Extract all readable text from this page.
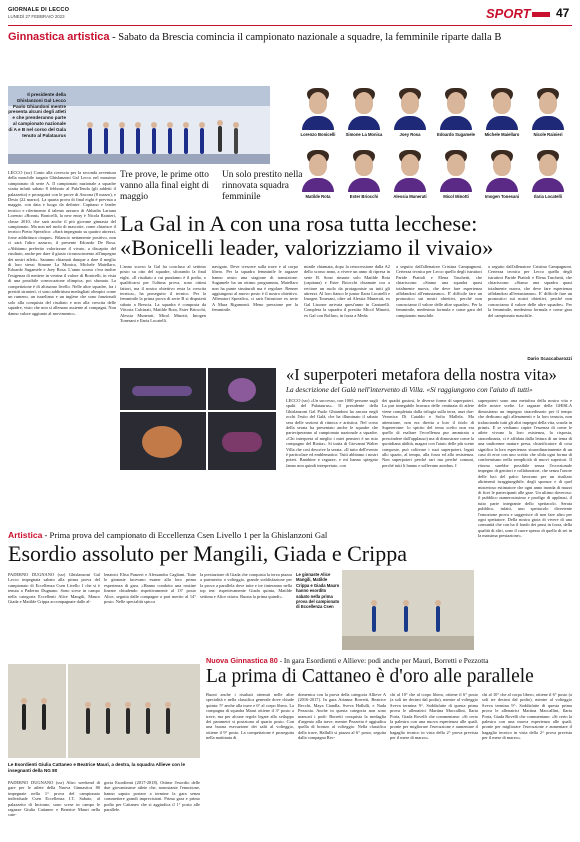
GIORNALE DI LECCO
LUNEDÌ 27 FEBBRAIO 2023	SPORT 47
Ginnastica artistica - Sabato da Brescia comincia il campionato nazionale a squadre, la femminile riparte dalla B
Il presidente della Ghislanzoni Gal Lecco Paolo Ghiandoni mentre presenta alcuni degli atleti e che prenderanno parte al campionato nazionale di A e B nel corso del Gala tenuto al Palataurus	Lorenzo Bonicelli	Simone La Monica	Joey Rosa	Edoardo Sugamele	Michele Maiellaro	Nicole Rainieri
Matilde Rota	Ester Briocchi	Alessia Munerati	Micol Minotti	Imogen Tonesani	Ilaria Locatelli
LECCO (ssr) Conto alla rovescia per la seconda avventura della maschile targata Ghislanzoni Gal Lecco nel massimo campionato di serie A. Il campionato nazionale a squadre scatta infatti sabato 8 febbraio al PalaTenda (gli addetti il palazzetto) e proseguirà con le prove di Ancona (8 marzo), e Desio (22 marzo). La quarta prova di final eight è prevista a maggio, con data e luogo da definire. Capitano e leader tecnico e riferimento il talento azzurro di Abbadia Lariana Lorenzo «Bonni» Bonicelli, la new entry è Nicola Rainieri, classe 2010, che sarà anche il più giovane ginnasta del campionato. Ma non nel ruolo di mascotte, come chiarisce il tecnico Pietro Spreafico: «Sarà impegnato su quattro attrezzi, forse addirittura cinque». Bilancio nettamente positivo, non ci sarà l'altro azzurro, il presente Edoardo De Rosa. «Abbiamo preferito valorizzare il vivaio, a discapito del risultato, anche per dare il giusto riconoscimento all'impegno dei nostri atleti». Saranno chiamati dunque a dare il meglio di loro stessi Simone La Monica, Michele Maiellaro, Edoardo Sugamele e Joey Rosa. L'anno scorso c'era inoltre l'esigenza di mettere in vetrina il valore di Bonicelli, in vista di una possibile convocazione olimpica, poi sfumata. La competizione è di altissimo livello. Nelle altre squadre, fra i prestiti stranieri, ci sono addirittura medagliati olimpici come un rumeno, un israeliano e un inglese che sono funzionali solo alla conquista del risultato e non alla crescita delle squadre, visto che non si allenano assieme al compagni. Non danno valore aggiunto al movimento».
Tre prove, le prime otto vanno alla final eight di maggio
Un solo prestito nella rinnovata squadra femminile
La Gal in A con una rosa tutta lecchese:
«Bonicelli leader, valorizziamo il vivaio»
L'anno scorso la Gal ha concluso al settimo posto su otto del squadre, sfiorando la final eight. «Il risultato a cui puntiamo è il podio, o qualificarsi per l'ultima prova, sono ottimi fattori, ma il nostro obiettivo resta la crescita tecnica», ha proseguito il tecnico. Per la femminile la prima prova di serie B si disputerà sabato a Brescia. La squadra è composta da Vittoria Calcinati, Matilde Rota, Ester Briocchi, Alessia Munerati, Micol Minotti, Imogen Tonesani e Ilaria Locatelli.
navigato. Deve crescere sulla trave e al corpo libero. Per la squadra femminile le ragazze hanno avuto una stagione di transizione. Sugamele ha un ottimo programma, Maiellaro non ha punte strutturali ma è regolare. Renner aggiungono al nuovo posto è il nostro obiettivo. Allenatori Spreafico, ci sarà l'istruttore ex serie A Mara Rigamonti. Meno pressione per la femminile.
minile chiamata, dopo la retrocessione dalla A2 dello scorso anno, a vivere un anno di ripresa in serie B. Sono rimaste solo Matilde Rota (capitana) e Ester Briocchi chiamate ora a recitare un ruolo da protagoniste su tutti gli attrezzi. Al loro fianco le junior Ilaria Locatelli e Imogen Tonesani, oltre ad Alessia Munerati, ex Gal Lissone arrivata quest'anno in Cantarelli. Completa la squadra il prestito Micol Minotti, ex Gal con Rolfaro, in forza a Meda.
a seguito dall'allenatore Cristina Campagnoni. Certezza tecnica per Lecco quello degli istruttori Paride Piattoli e Elena Taschetti, che chiariscono: «Siamo una squadra quasi totalmente nuova, che deve fare esperienza affidandosi all'entusiasmo». E' difficile fare un pronostico sui nostri obiettivi, perché non conosciamo il valore delle altre squadre». Per la femminile, medesima formula e come gara del campionato maschile.
a seguito dall'allenatore Cristina Campagnoni. Certezza tecnica per Lecco quello degli istruttori Paride Piattoli e Elena Taschetti, che chiariscono: «Siamo una squadra quasi totalmente nuova, che deve fare esperienza affidandosi all'entusiasmo». E' difficile fare un pronostico sui nostri obiettivi, perché non conosciamo il valore delle altre squadre». Per la femminile, medesima formula e come gara del campionato maschile.
Dario Scaccabarozzi
«I superpoteri metafora della nostra vita»
La descrizione del Galà nell'intervento di Villa. «Si raggiungono con l'aiuto di tutti»
LECCO (ssr) «Un successo, con 1000 persone sugli spalti del Palataurus». Il presidente della Ghislanzoni Gal Paolo Ghiandoni ha ancora negli occhi l'esito del Galà, che ha illuminato il sabato sera delle sezioni di ritmica e artistica. Nel corso della serata ha presentato anche le squadre che parteciperanno al campionato nazionale a squadre. «Chi interpreta al meglio i miei pensieri è un mio compagno del Riotta». Si tratta di Giovanni Walter Villa che così descrive la serata. «Il tutto dell'evento è particolare ed emblematico: Tutti abbiamo i nostri poteri. Bambine e ragazze, e mi hanno spiegato fanno non quindi interpretato, con
dei quadri gustosi, le diverse forme di superpoteri. La pur innegabile bravura delle centinaia di atlete viene completata dalla trilogia sulla terra, anzi due: Veronica Di Cataldo e Sofia Mallela. Ma attenzione, non era diretta a loro il titolo di Supereroine: lo spirito del tema scelto non era quello di esaltare l'eccellenza pur ammirata a prescindere dall'applauso) ma di dimostrare come la quotidiana abilità, magari con l'aiuto delle più scene composte, può coltivare i suoi superpoteri, legati allo spazio, al tempo, alla forza ed alla resistenza. Non superpoteri perché rari ma perché comuni, perché tutti li hanno e sollevano autobus. I
superpoteri sono una metafora della nostra vita e delle nostre scelte. Le ragazze della GHISLA dimostrano un impegno straordinario per il tempo che dedicano agli allenamenti e la loro tenacia, non tralasciando tutti gli altri impegni della vita, scuola in primis. E se vediamo capire l'essenza di come le atlete vivono la loro esistenza, la risposta, straordinaria, ci è affidata dalla lettura di un tema di una undicenne mature presa, chiarificatore di cosa significa la loro esperienza: straordinariamente di un caso di eroe con uno scritto che sfida ogni forma di conformismo nella semplicità di nuovi superiori. Il ritorno sarebbe possibile senza l'eccezionale impegno di genitori e collaboratori, che senza l'onore delle luci del palco lavorano per un risultato altrimenti irraggiungibile, degli sponsor e di quel misterioso estimatore che ogni anno inonda di mazzi di fiori le partecipanti alle gare. Un ultimo doveroso: il pubblico numerosissimo e prodigo di applausi, il tutto parte integrante dello spettacolo. Serata pubblico, infatti, uno spettacolo divertente l'emozione prova e suggerisce di non fare altro per ogni spettatore. Della nostra gioia di vivere di una comunità che con ha il fondo dei passi in forza, della qualità di altri, sono il cuore spesso di quello di sei in la massima prestazione».
Artistica - Prima prova del campionato di Eccellenza Csen Livello 1 per la Ghislanzoni Gal
Esordio assoluto per Mangili, Giada e Crippa
PADERNO DUGNANO (ssr) Ghislanzoni Gal Lecco impegnata sabato alla prima prova del campionato di Eccellenza Csen Livello 1 che si è tenuta a Paderno Dugnano. Sono scese in campo nella categoria Eccellenti Alice Mangili, Mauro Giada e Matilde Crippa accompagnate dalle al-
lenatrici Elisa Punzeri e Alessandra Cagliani. Tutte le ginnaste facevano esame alla loro prima esperienza di gara. «Hanno condotto una routine lineare chiudendo rispettivamente al 13° posto Alice, seguita dalle compagne a pari merito al 14° posto. Nelle specialità spicca
la prestazione di Giada che conquista la terza piazza a parimerito a volteggio, grande soddisfazione per la prova a parallela dove tutte e tre tinteranno nella top ten: rispettivamente Giada quinta, Matilde settima e Alice ottava. Buona la prima quindi».
Le ginnaste Alice Mangili, Matilde Crippa e Giada Mauro hanno esordito sabato nella prima prova del campionato di Eccellenza Csen
Nuova Ginnastica 80 - In gara Esordienti e Allieve: podi anche per Mauri, Borretti e Pezzotta
La prima di Cattaneo è d'oro alle parallele
Le Esordienti Giulia Cattaneo e Beatrice Mauri, a destra, la squadra Allieve con le insegnanti della NG 80
PADERNO DUGNANO (ssr) Altro weekend di gare per le atlete della Nuova Ginnastica 80 impegnate nella 1^ prova del campionato individuale Csen Eccellenza I.T. Sabato, al palazzetto di Incirano, sono scese in campo le ragazze Giulia Cattaneo e Beatrice Mauri nella cate-
goria Esordienti (2017-2018). Ottime l'esordio delle due giovanissime atlete che, nonostante l'emozione, hanno saputo portare a termine la gara senza commettere grandi imprecisioni. Prima gara e primo podio per Cattaneo che si aggiudica il 1° posto alle parallele.
Buoni anche i risultati ottenuti nelle altre specialità e nella classifica generale dove chiude quinta: 5° anche alla trave e 6° al corpo libero. La compagna di squadra Mauri ottiene il 3° posto a trave, ma per alcune regole legate allo sviluppo dei parametri si posiziona al quarto posto. Con una buona esecuzione dei salti al volteggio, ottiene il 9° posto. La competizione è proseguita nella mattinata di
domenica con la prova della categoria Allieve A (2016-2017). In gara Arianna Borretti, Beatrice Recchi, Maya Ciandla, Sveva Hallulli, e Nada Pezzotta. Anche in questa categoria non sono mancati i podi: Borretti conquista la medaglia d'argento alla trave, mentre Pezzotta è aggiudica quella di bronzo al volteggio. Nella classifica della trave, Hallulli si piazza al 6° posto, seguita dalla compagna Rec-
chi al 10° che al corpo libero, ottiene il 6° posto (a soli tre decimi dal podio), mentre al volteggio Sveva termina 9^. Soddisfatte di questa prima prova le allenatrici Martina Maccallini, Ilaria Porta, Giada Rovelli che commentano: «Sì certo la palestra con una nuova esperienza alle quali, pronte per migliorare l'esecuzione e aumentare il bagaglio tecnico in vista della 2^ prova prevista per il mese di marzo».
chi al 10° che al corpo libero, ottiene il 6° posto (a soli tre decimi dal podio), mentre al volteggio Sveva termina 9^. Soddisfatte di questa prima prova le allenatrici Martina Maccallini, Ilaria Porta, Giada Rovelli che commentano: «Sì certo la palestra con una nuova esperienza alle quali, pronte per migliorare l'esecuzione e aumentare il bagaglio tecnico in vista della 2^ prova prevista per il mese di marzo».
